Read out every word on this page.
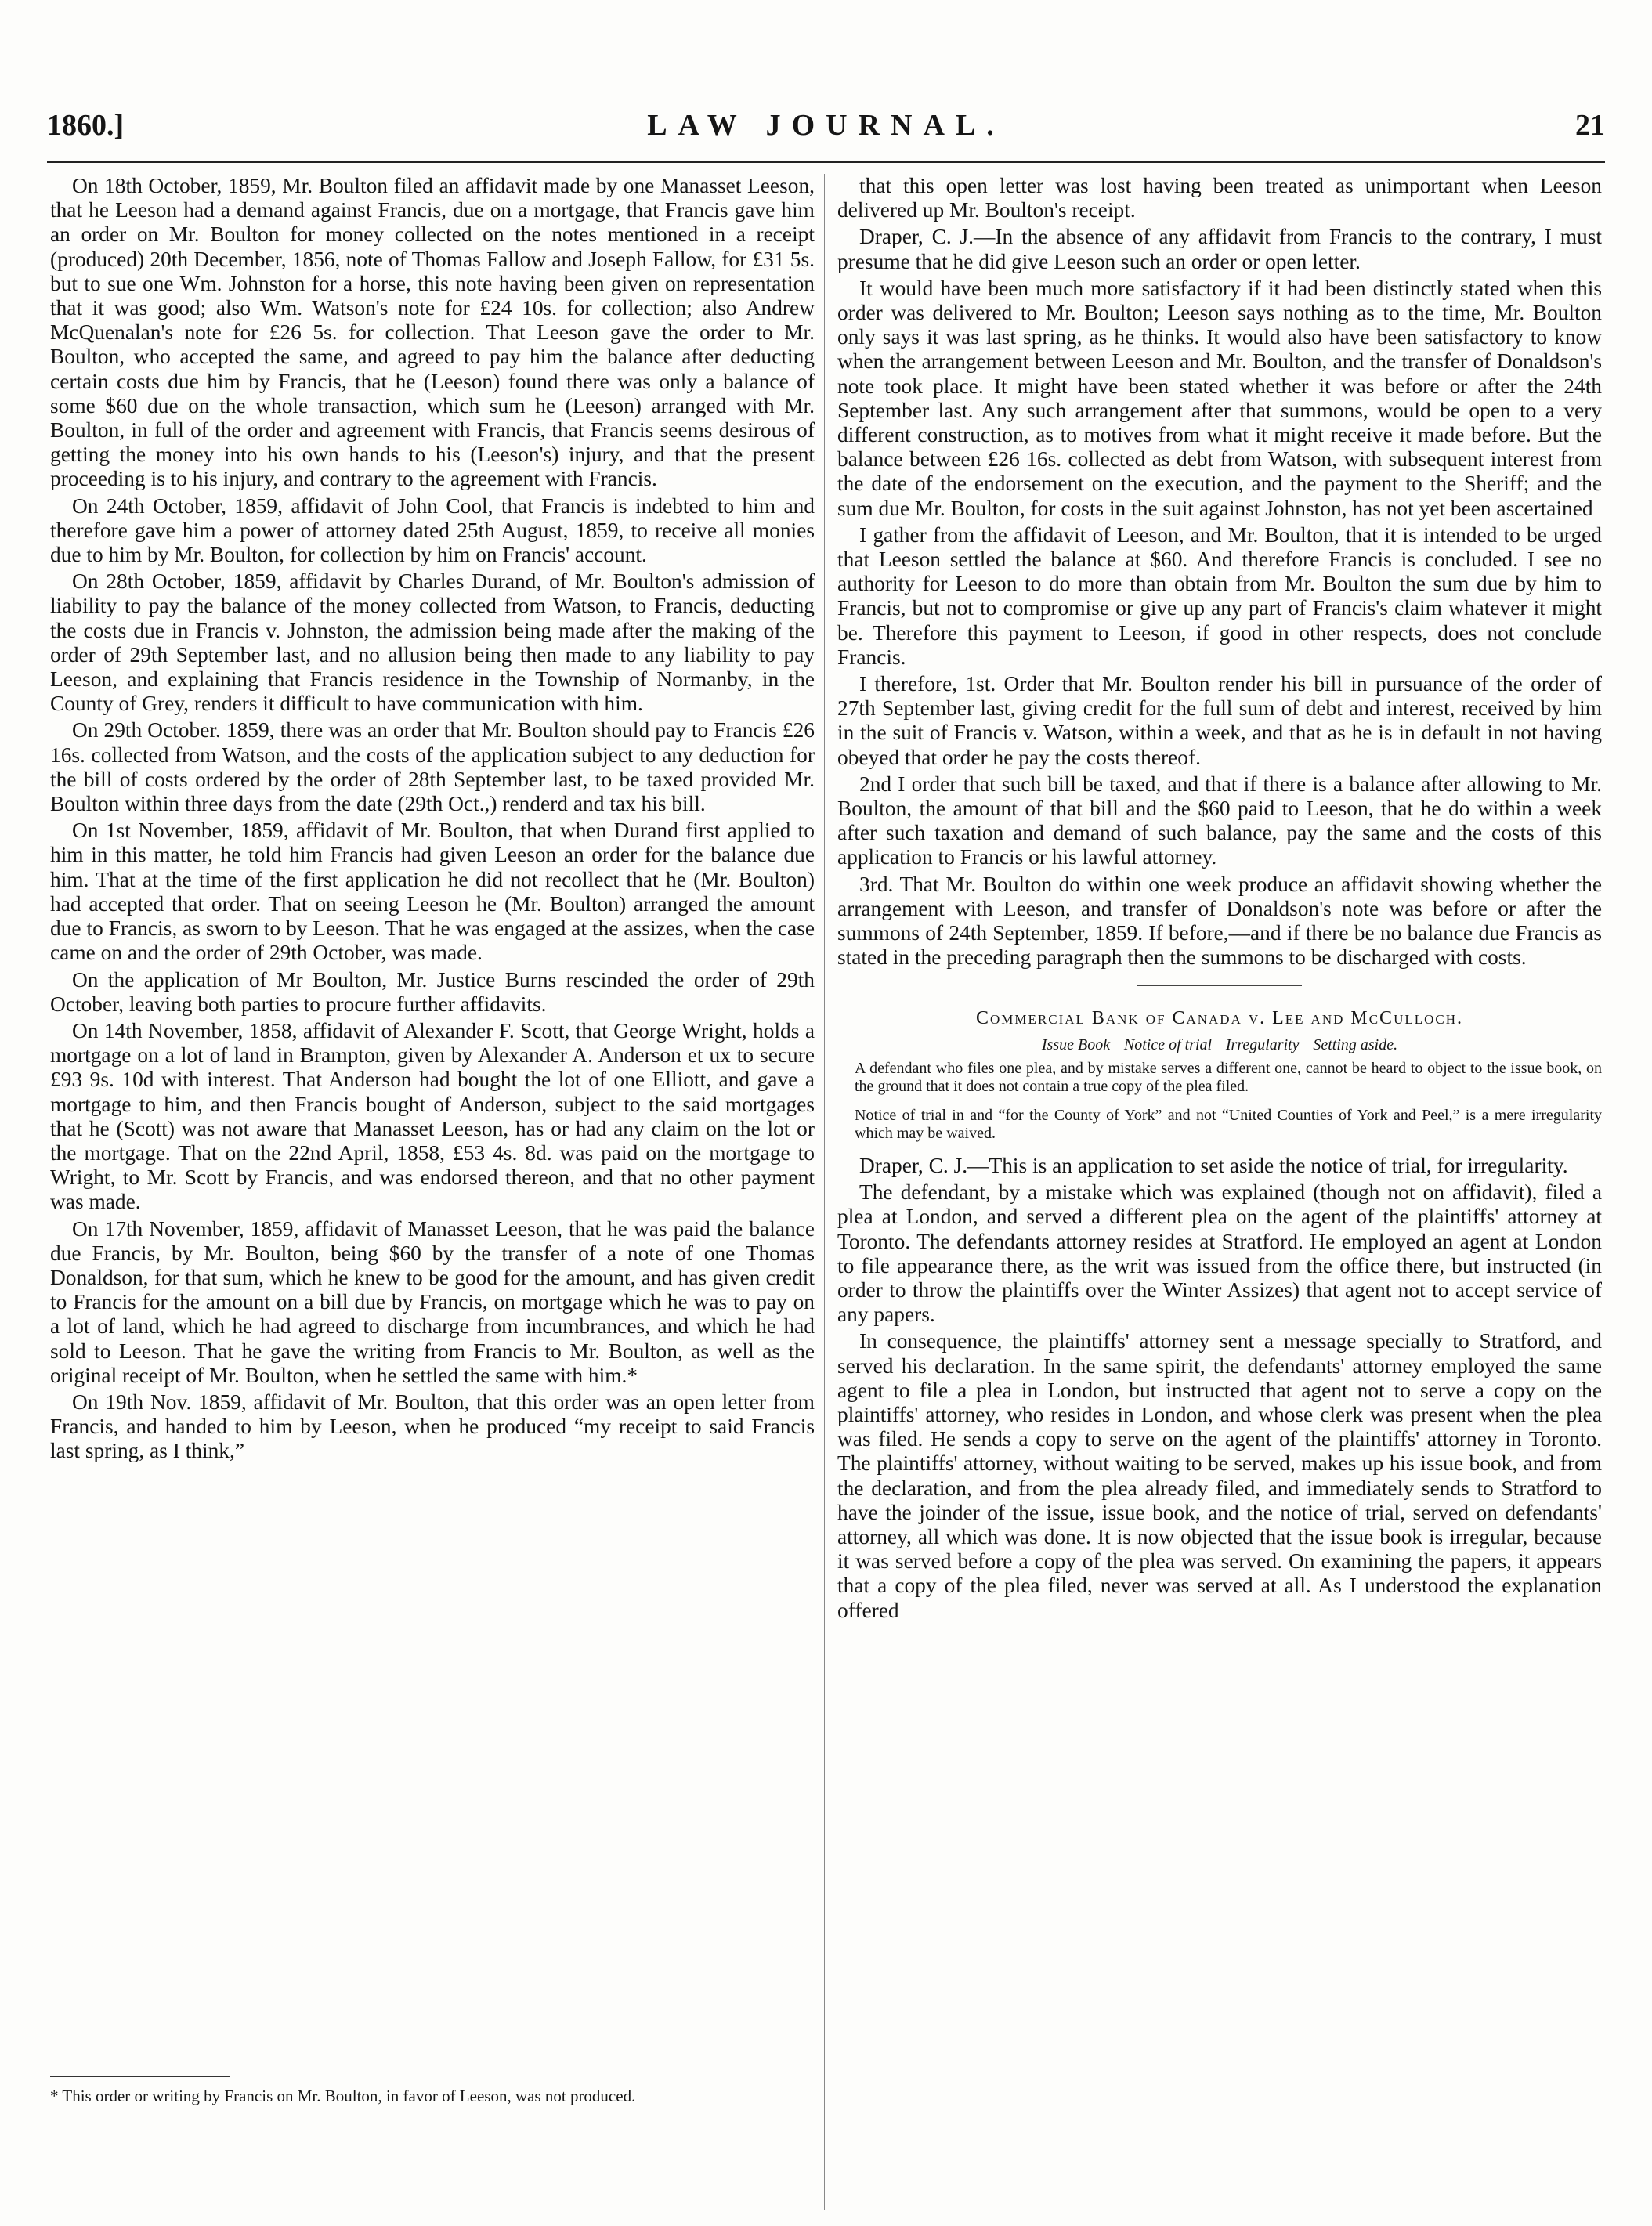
1860.]	LAW JOURNAL.	21

On 18th October, 1859, Mr. Boulton filed an affidavit made by one Manasset Leeson, that he Leeson had a demand against Francis, due on a mortgage, that Francis gave him an order on Mr. Boulton for money collected on the notes mentioned in a receipt (produced) 20th December, 1856, note of Thomas Fallow and Joseph Fallow, for £31 5s. but to sue one Wm. Johnston for a horse, this note having been given on representation that it was good; also Wm. Watson's note for £24 10s. for collection; also Andrew McQuenalan's note for £26 5s. for collection. That Leeson gave the order to Mr. Boulton, who accepted the same, and agreed to pay him the balance after deducting certain costs due him by Francis, that he (Leeson) found there was only a balance of some $60 due on the whole transaction, which sum he (Leeson) arranged with Mr. Boulton, in full of the order and agreement with Francis, that Francis seems desirous of getting the money into his own hands to his (Leeson's) injury, and that the present proceeding is to his injury, and contrary to the agreement with Francis.

On 24th October, 1859, affidavit of John Cool, that Francis is indebted to him and therefore gave him a power of attorney dated 25th August, 1859, to receive all monies due to him by Mr. Boulton, for collection by him on Francis' account.

On 28th October, 1859, affidavit by Charles Durand, of Mr. Boulton's admission of liability to pay the balance of the money collected from Watson, to Francis, deducting the costs due in Francis v. Johnston, the admission being made after the making of the order of 29th September last, and no allusion being then made to any liability to pay Leeson, and explaining that Francis residence in the Township of Normanby, in the County of Grey, renders it difficult to have communication with him.

On 29th October. 1859, there was an order that Mr. Boulton should pay to Francis £26 16s. collected from Watson, and the costs of the application subject to any deduction for the bill of costs ordered by the order of 28th September last, to be taxed provided Mr. Boulton within three days from the date (29th Oct.,) renderd and tax his bill.

On 1st November, 1859, affidavit of Mr. Boulton, that when Durand first applied to him in this matter, he told him Francis had given Leeson an order for the balance due him. That at the time of the first application he did not recollect that he (Mr. Boulton) had accepted that order. That on seeing Leeson he (Mr. Boulton) arranged the amount due to Francis, as sworn to by Leeson. That he was engaged at the assizes, when the case came on and the order of 29th October, was made.

On the application of Mr Boulton, Mr. Justice Burns rescinded the order of 29th October, leaving both parties to procure further affidavits.

On 14th November, 1858, affidavit of Alexander F. Scott, that George Wright, holds a mortgage on a lot of land in Brampton, given by Alexander A. Anderson et ux to secure £93 9s. 10d with interest. That Anderson had bought the lot of one Elliott, and gave a mortgage to him, and then Francis bought of Anderson, subject to the said mortgages that he (Scott) was not aware that Manasset Leeson, has or had any claim on the lot or the mortgage. That on the 22nd April, 1858, £53 4s. 8d. was paid on the mortgage to Wright, to Mr. Scott by Francis, and was endorsed thereon, and that no other payment was made.

On 17th November, 1859, affidavit of Manasset Leeson, that he was paid the balance due Francis, by Mr. Boulton, being $60 by the transfer of a note of one Thomas Donaldson, for that sum, which he knew to be good for the amount, and has given credit to Francis for the amount on a bill due by Francis, on mortgage which he was to pay on a lot of land, which he had agreed to discharge from incumbrances, and which he had sold to Leeson. That he gave the writing from Francis to Mr. Boulton, as well as the original receipt of Mr. Boulton, when he settled the same with him.*

On 19th Nov. 1859, affidavit of Mr. Boulton, that this order was an open letter from Francis, and handed to him by Leeson, when he produced “my receipt to said Francis last spring, as I think,”

that this open letter was lost having been treated as unimportant when Leeson delivered up Mr. Boulton's receipt.

Draper, C. J.—In the absence of any affidavit from Francis to the contrary, I must presume that he did give Leeson such an order or open letter.

It would have been much more satisfactory if it had been distinctly stated when this order was delivered to Mr. Boulton; Leeson says nothing as to the time, Mr. Boulton only says it was last spring, as he thinks. It would also have been satisfactory to know when the arrangement between Leeson and Mr. Boulton, and the transfer of Donaldson's note took place. It might have been stated whether it was before or after the 24th September last. Any such arrangement after that summons, would be open to a very different construction, as to motives from what it might receive it made before. But the balance between £26 16s. collected as debt from Watson, with subsequent interest from the date of the endorsement on the execution, and the payment to the Sheriff; and the sum due Mr. Boulton, for costs in the suit against Johnston, has not yet been ascertained

I gather from the affidavit of Leeson, and Mr. Boulton, that it is intended to be urged that Leeson settled the balance at $60. And therefore Francis is concluded. I see no authority for Leeson to do more than obtain from Mr. Boulton the sum due by him to Francis, but not to compromise or give up any part of Francis's claim whatever it might be. Therefore this payment to Leeson, if good in other respects, does not conclude Francis.

I therefore, 1st. Order that Mr. Boulton render his bill in pursuance of the order of 27th September last, giving credit for the full sum of debt and interest, received by him in the suit of Francis v. Watson, within a week, and that as he is in default in not having obeyed that order he pay the costs thereof.

2nd I order that such bill be taxed, and that if there is a balance after allowing to Mr. Boulton, the amount of that bill and the $60 paid to Leeson, that he do within a week after such taxation and demand of such balance, pay the same and the costs of this application to Francis or his lawful attorney.

3rd. That Mr. Boulton do within one week produce an affidavit showing whether the arrangement with Leeson, and transfer of Donaldson's note was before or after the summons of 24th September, 1859. If before,—and if there be no balance due Francis as stated in the preceding paragraph then the summons to be discharged with costs.

Commercial Bank of Canada v. Lee and McCulloch.

Issue Book—Notice of trial—Irregularity—Setting aside.

A defendant who files one plea, and by mistake serves a different one, cannot be heard to object to the issue book, on the ground that it does not contain a true copy of the plea filed.

Notice of trial in and “for the County of York” and not “United Counties of York and Peel,” is a mere irregularity which may be waived.

Draper, C. J.—This is an application to set aside the notice of trial, for irregularity.

The defendant, by a mistake which was explained (though not on affidavit), filed a plea at London, and served a different plea on the agent of the plaintiffs' attorney at Toronto. The defendants attorney resides at Stratford. He employed an agent at London to file appearance there, as the writ was issued from the office there, but instructed (in order to throw the plaintiffs over the Winter Assizes) that agent not to accept service of any papers.

In consequence, the plaintiffs' attorney sent a message specially to Stratford, and served his declaration. In the same spirit, the defendants' attorney employed the same agent to file a plea in London, but instructed that agent not to serve a copy on the plaintiffs' attorney, who resides in London, and whose clerk was present when the plea was filed. He sends a copy to serve on the agent of the plaintiffs' attorney in Toronto. The plaintiffs' attorney, without waiting to be served, makes up his issue book, and from the declaration, and from the plea already filed, and immediately sends to Stratford to have the joinder of the issue, issue book, and the notice of trial, served on defendants' attorney, all which was done. It is now objected that the issue book is irregular, because it was served before a copy of the plea was served. On examining the papers, it appears that a copy of the plea filed, never was served at all. As I understood the explanation offered

* This order or writing by Francis on Mr. Boulton, in favor of Leeson, was not produced.
